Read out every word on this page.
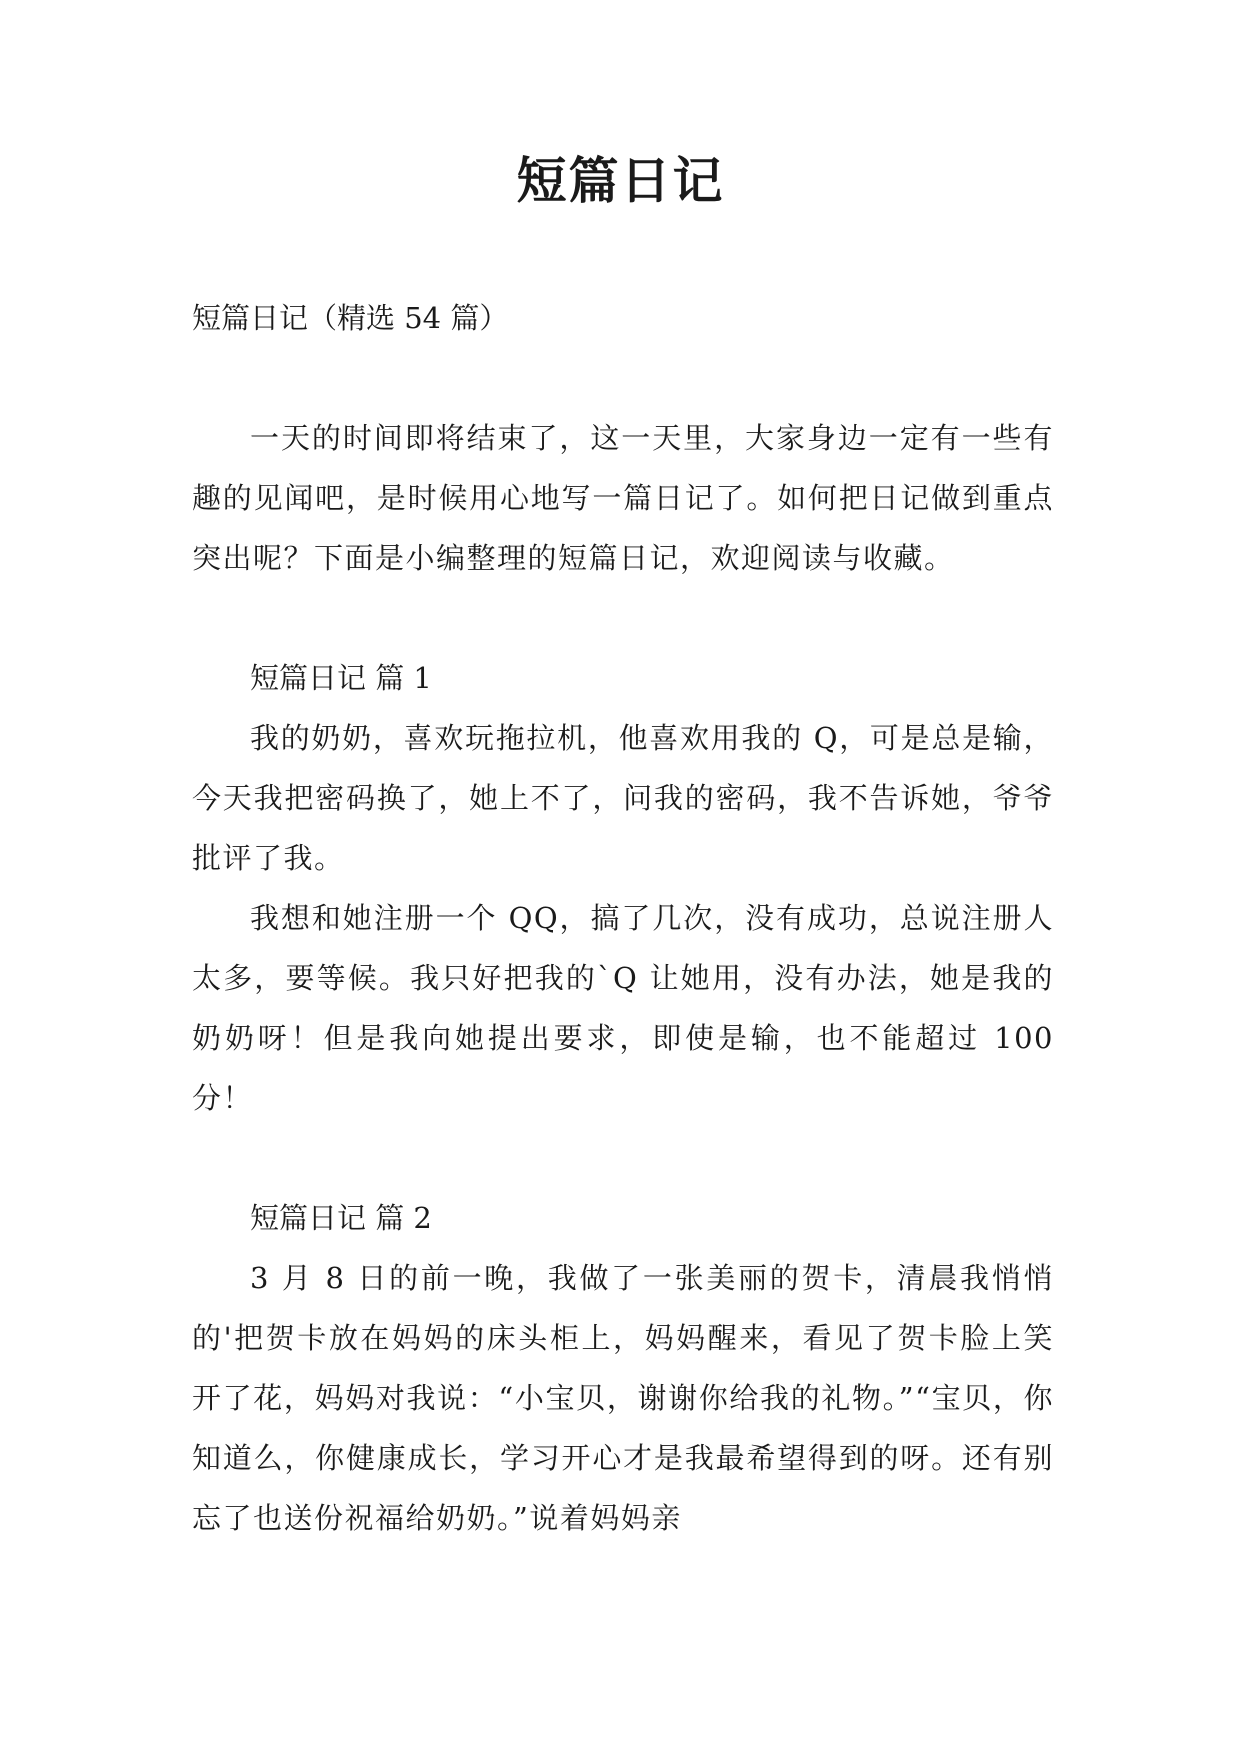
短篇日记

短篇日记（精选 54 篇）

一天的时间即将结束了，这一天里，大家身边一定有一些有趣的见闻吧，是时候用心地写一篇日记了。如何把日记做到重点突出呢？下面是小编整理的短篇日记，欢迎阅读与收藏。

短篇日记 篇 1

我的奶奶，喜欢玩拖拉机，他喜欢用我的 Q，可是总是输，今天我把密码换了，她上不了，问我的密码，我不告诉她，爷爷批评了我。

我想和她注册一个 QQ，搞了几次，没有成功，总说注册人太多，要等候。我只好把我的`Q 让她用，没有办法，她是我的奶奶呀！但是我向她提出要求，即使是输，也不能超过 100 分！

短篇日记 篇 2

3 月 8 日的前一晚，我做了一张美丽的贺卡，清晨我悄悄的'把贺卡放在妈妈的床头柜上，妈妈醒来，看见了贺卡脸上笑开了花，妈妈对我说：“小宝贝，谢谢你给我的礼物。”“宝贝，你知道么，你健康成长，学习开心才是我最希望得到的呀。还有别忘了也送份祝福给奶奶。”说着妈妈亲
